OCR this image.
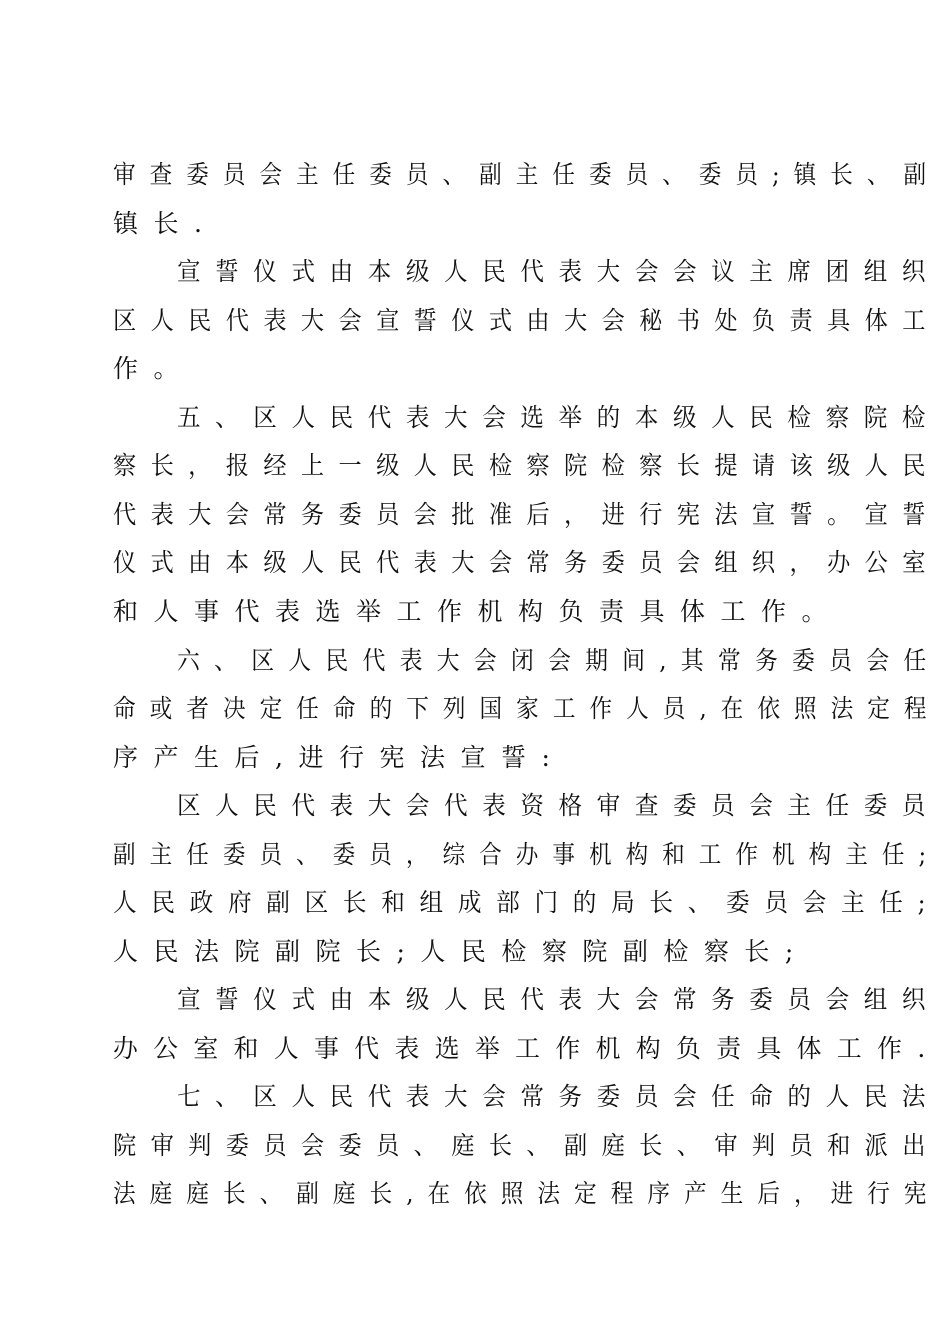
审查委员会主任委员、副主任委员、委员;镇长、副
镇长.
宣誓仪式由本级人民代表大会会议主席团组织
区人民代表大会宣誓仪式由大会秘书处负责具体工
作。
五、区人民代表大会选举的本级人民检察院检
察长，报经上一级人民检察院检察长提请该级人民
代表大会常务委员会批准后，进行宪法宣誓。宣誓
仪式由本级人民代表大会常务委员会组织，办公室
和人事代表选举工作机构负责具体工作。
六、区人民代表大会闭会期间,其常务委员会任
命或者决定任命的下列国家工作人员,在依照法定程
序产生后,进行宪法宣誓:
区人民代表大会代表资格审查委员会主任委员
副主任委员、委员，综合办事机构和工作机构主任;
人民政府副区长和组成部门的局长、委员会主任;
人民法院副院长;人民检察院副检察长;
宣誓仪式由本级人民代表大会常务委员会组织
办公室和人事代表选举工作机构负责具体工作.
七、区人民代表大会常务委员会任命的人民法
院审判委员会委员、庭长、副庭长、审判员和派出
法庭庭长、副庭长,在依照法定程序产生后，进行宪
